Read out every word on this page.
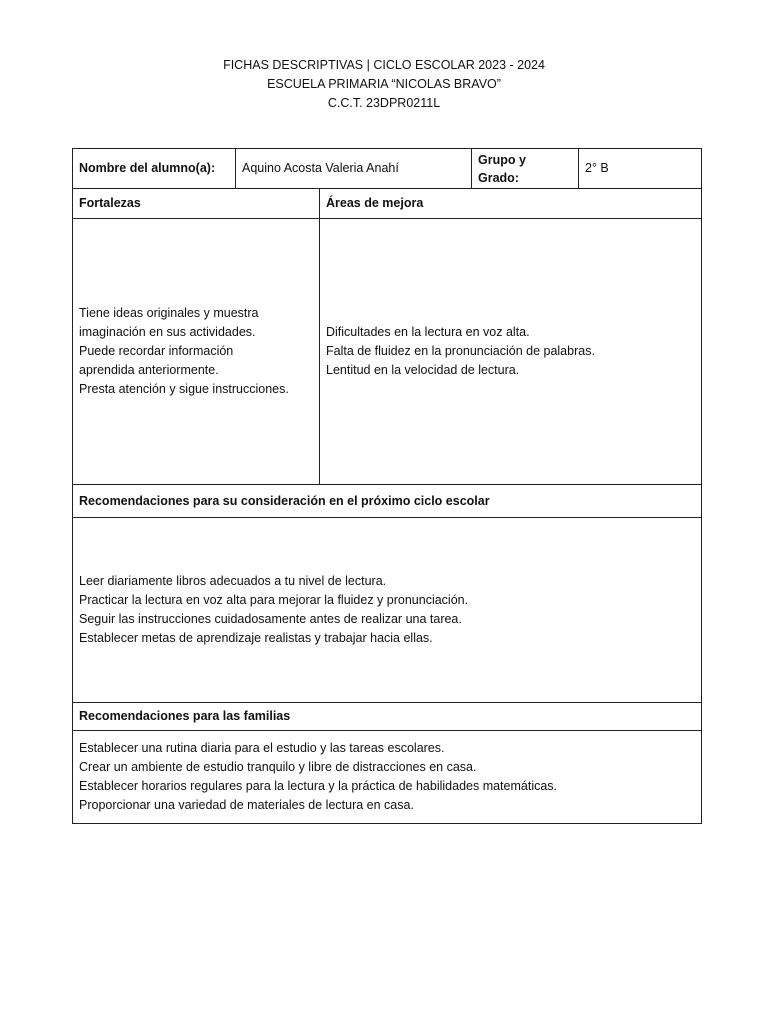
FICHAS DESCRIPTIVAS | CICLO ESCOLAR 2023 - 2024
ESCUELA PRIMARIA “NICOLAS BRAVO”
C.C.T. 23DPR0211L
Nombre del alumno(a):	Aquino Acosta Valeria Anahí
Grupo y
Grado:
2° B
Fortalezas	Áreas de mejora
Tiene ideas originales y muestra
imaginación en sus actividades.
Puede recordar información
aprendida anteriormente.
Presta atención y sigue instrucciones.
Dificultades en la lectura en voz alta.
Falta de fluidez en la pronunciación de palabras.
Lentitud en la velocidad de lectura.
Recomendaciones para su consideración en el próximo ciclo escolar
Leer diariamente libros adecuados a tu nivel de lectura.
Practicar la lectura en voz alta para mejorar la fluidez y pronunciación.
Seguir las instrucciones cuidadosamente antes de realizar una tarea.
Establecer metas de aprendizaje realistas y trabajar hacia ellas.
Recomendaciones para las familias
Establecer una rutina diaria para el estudio y las tareas escolares.
Crear un ambiente de estudio tranquilo y libre de distracciones en casa.
Establecer horarios regulares para la lectura y la práctica de habilidades matemáticas.
Proporcionar una variedad de materiales de lectura en casa.
